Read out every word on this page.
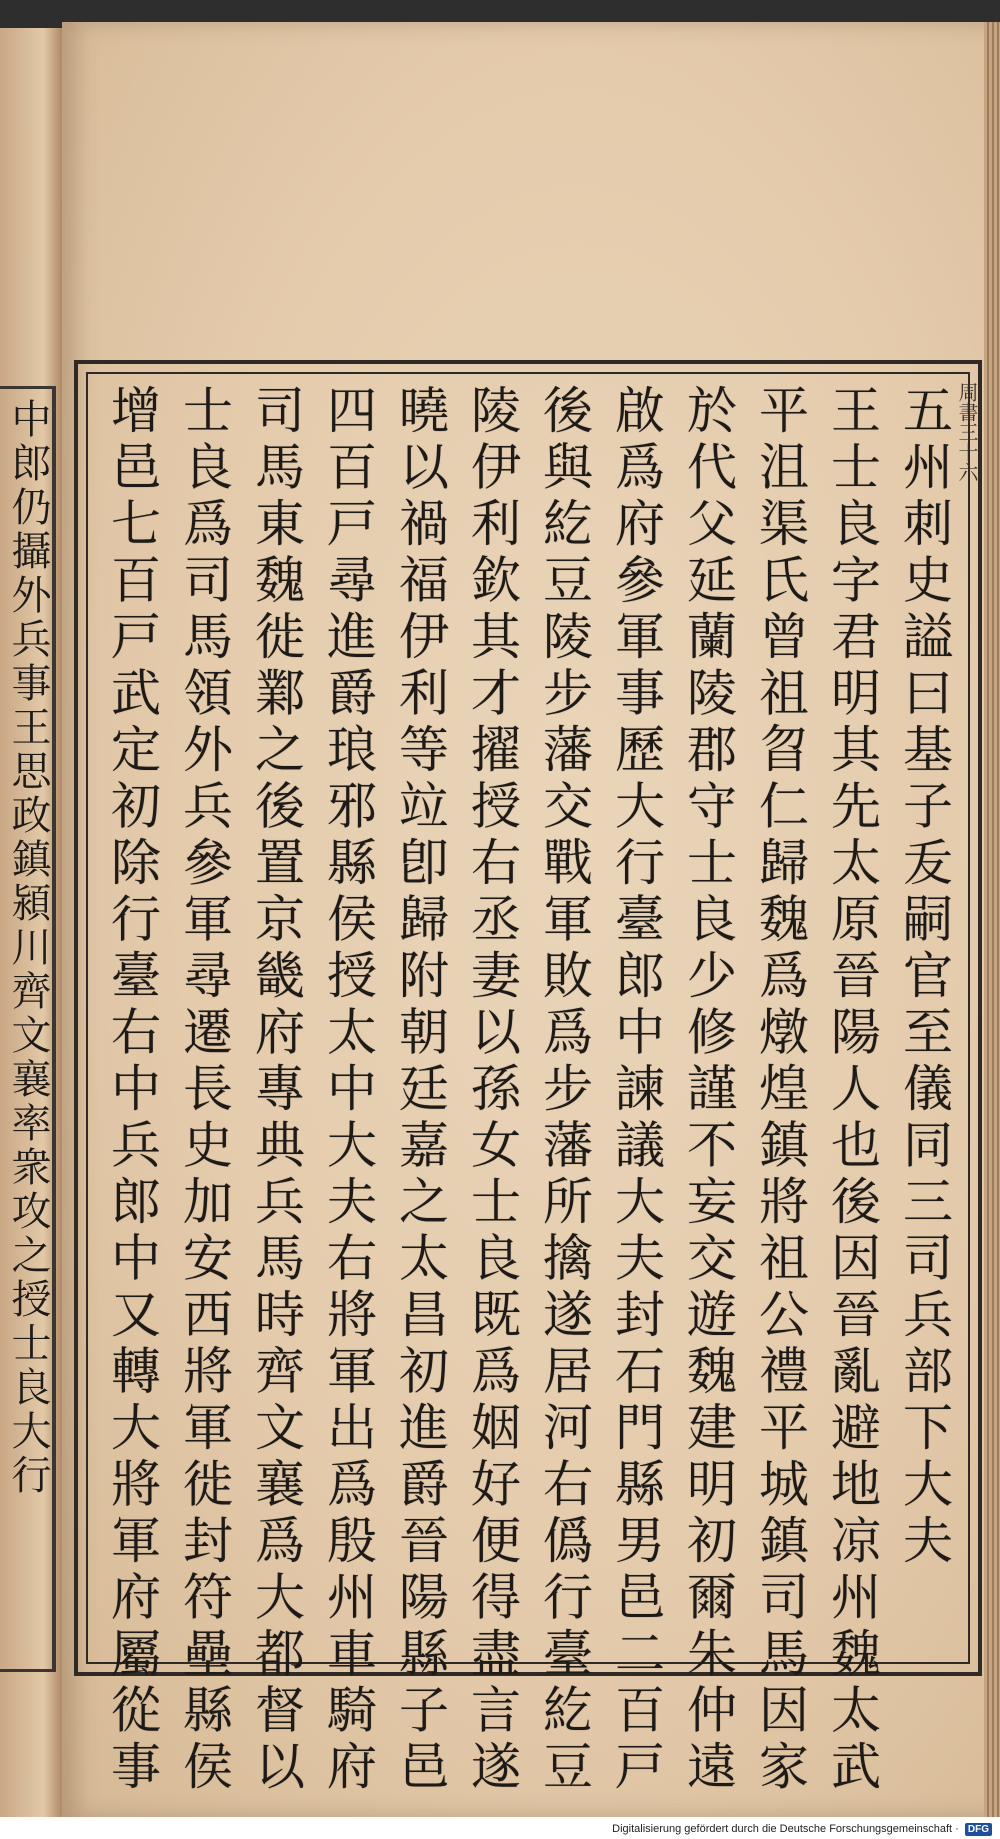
中郎仍攝外兵事王思政鎮潁川齊文襄率衆攻之授士良大行	周書三十六
五州刺史謚曰基子叐嗣官至儀同三司兵部下大夫
王士良字君明其先太原晉陽人也後因晉亂避地凉州魏太武
平沮渠氏曾祖㫚仁歸魏爲燉煌鎮將祖公禮平城鎮司馬因家
於代父延蘭陵郡守士良少修謹不妄交遊魏建明初爾朱仲遠
啟爲府參軍事歷大行臺郎中諫議大夫封石門縣男邑二百戸
後與紇豆陵步藩交戰軍敗爲步藩所擒遂居河右僞行臺紇豆
陵伊利欽其才擢授右丞妻以孫女士良既爲姻好便得盡言遂
曉以禍福伊利等竝卽歸附朝廷嘉之太昌初進爵晉陽縣子邑
四百戸尋進爵琅邪縣侯授太中大夫右將軍出爲殷州車騎府
司馬東魏徙鄴之後置京畿府專典兵馬時齊文襄爲大都督以
士良爲司馬領外兵參軍尋遷長史加安西將軍徙封符壘縣侯
增邑七百戸武定初除行臺右中兵郎中又轉大將軍府屬從事
Digitalisierung gefördert durch die Deutsche Forschungsgemeinschaft · DFG
